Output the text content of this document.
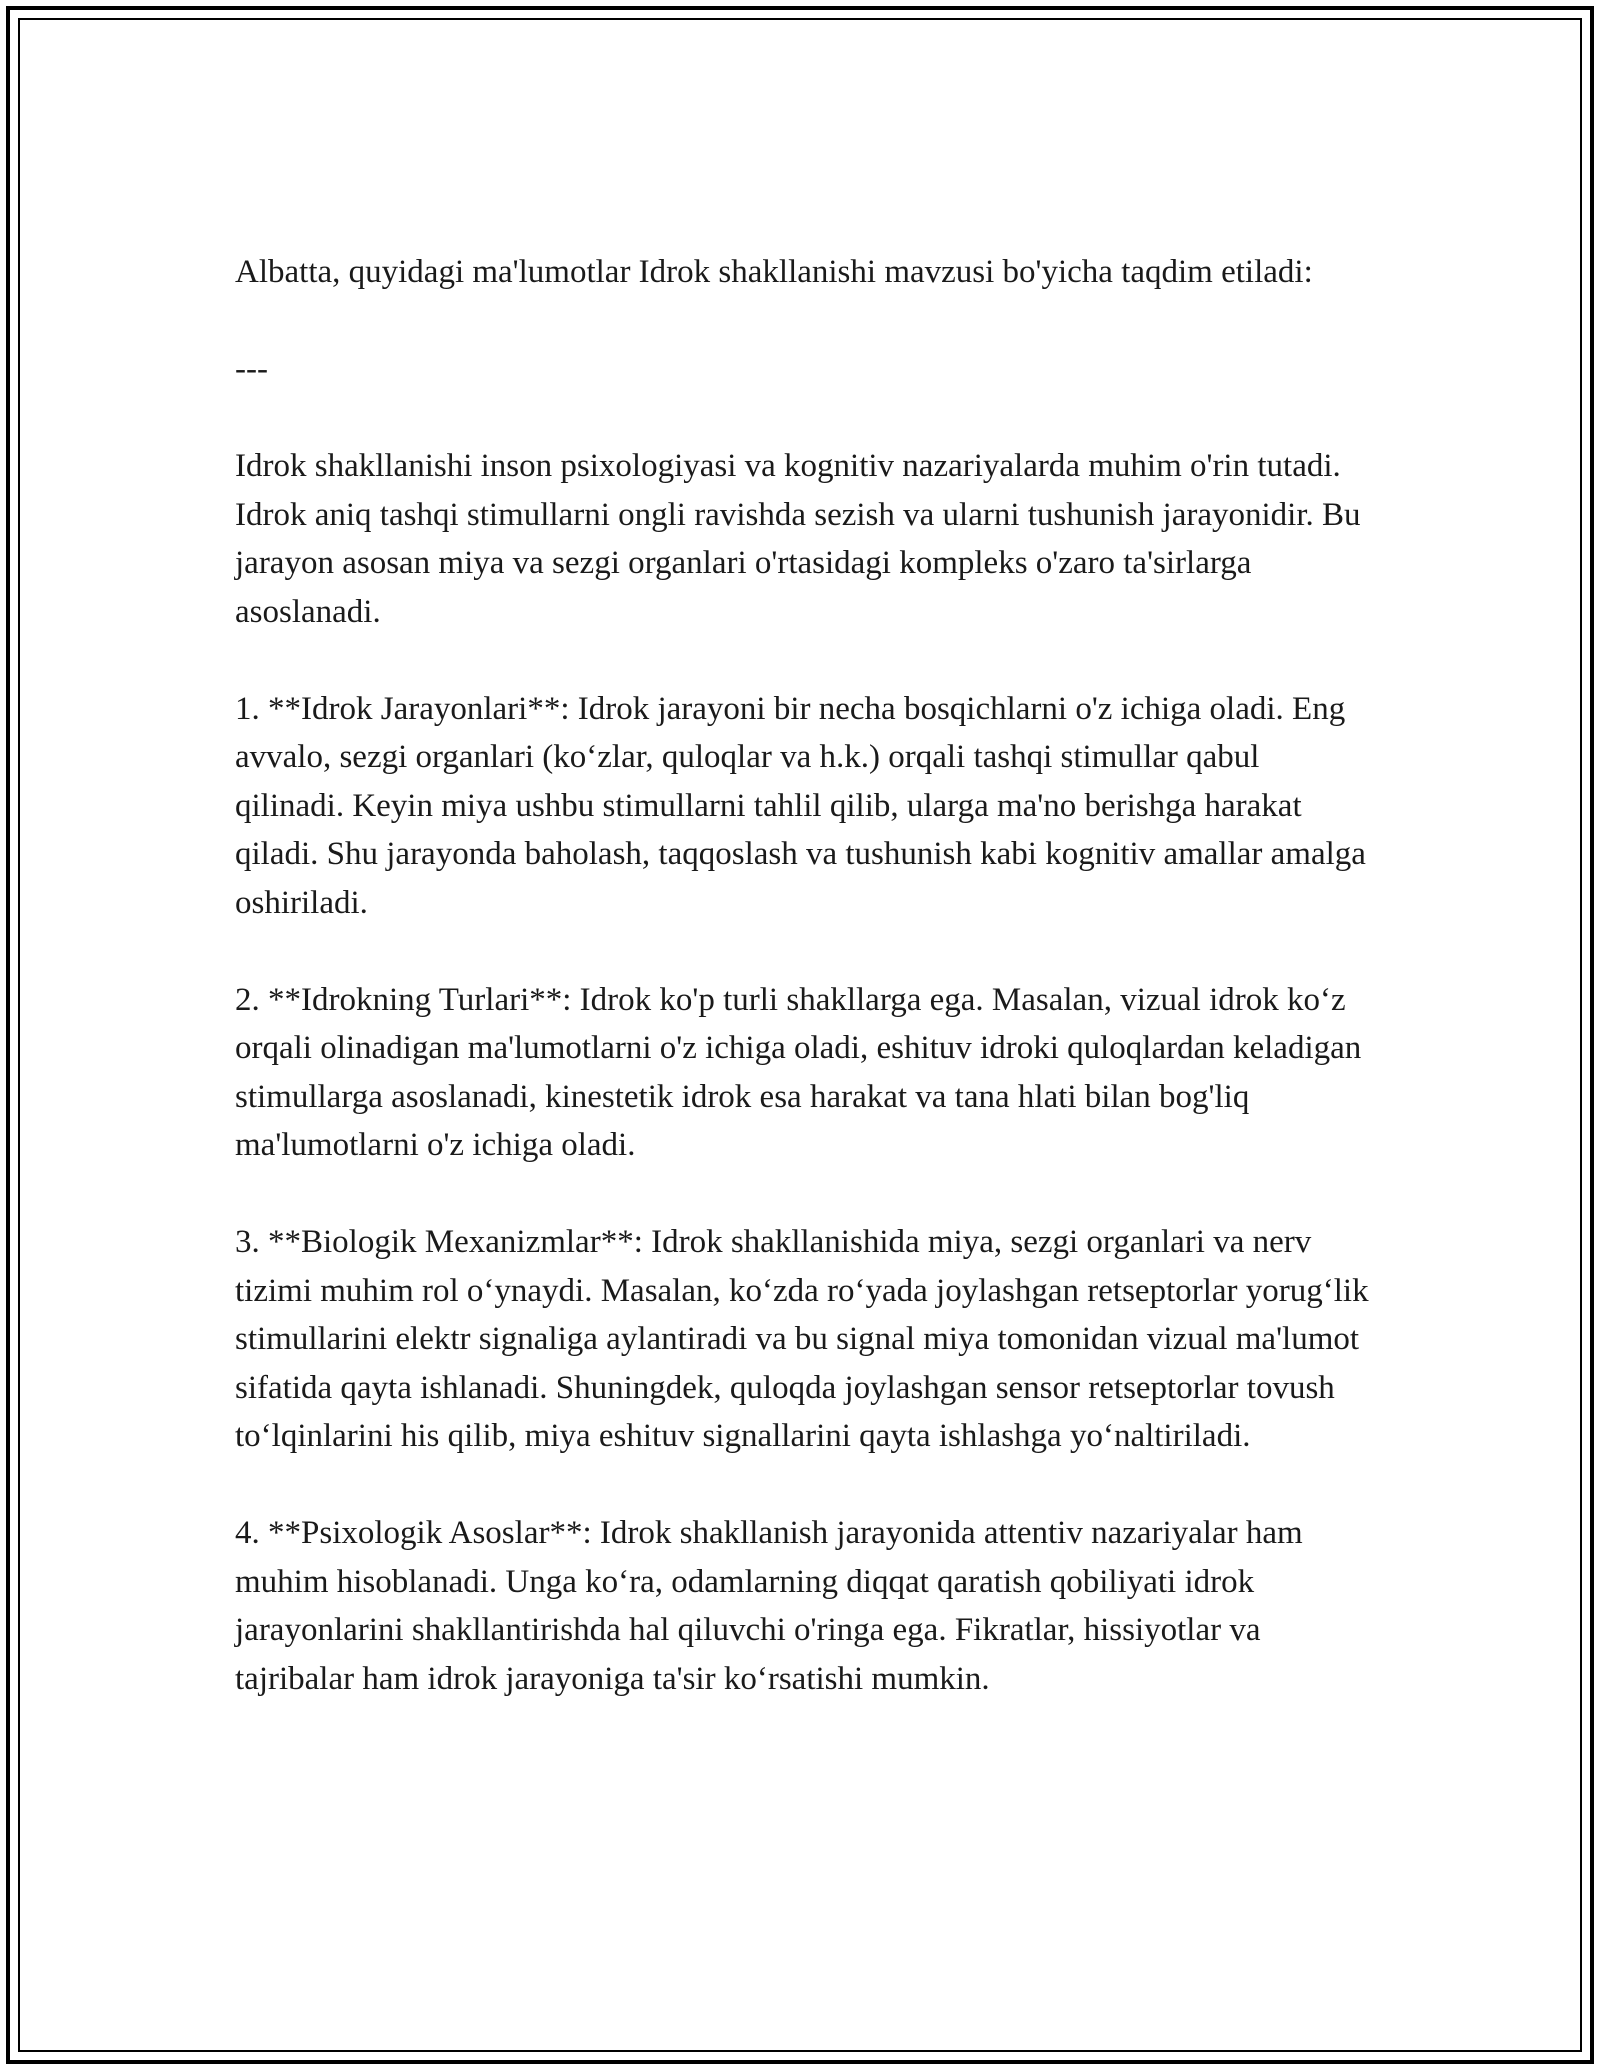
Albatta, quyidagi ma'lumotlar Idrok shakllanishi mavzusi bo'yicha taqdim etiladi:

---

Idrok shakllanishi inson psixologiyasi va kognitiv nazariyalarda muhim o'rin tutadi. Idrok aniq tashqi stimullarni ongli ravishda sezish va ularni tushunish jarayonidir. Bu jarayon asosan miya va sezgi organlari o'rtasidagi kompleks o'zaro ta'sirlarga asoslanadi.

1. **Idrok Jarayonlari**: Idrok jarayoni bir necha bosqichlarni o'z ichiga oladi. Eng avvalo, sezgi organlari (ko‘zlar, quloqlar va h.k.) orqali tashqi stimullar qabul qilinadi. Keyin miya ushbu stimullarni tahlil qilib, ularga ma'no berishga harakat qiladi. Shu jarayonda baholash, taqqoslash va tushunish kabi kognitiv amallar amalga oshiriladi.

2. **Idrokning Turlari**: Idrok ko'p turli shakllarga ega. Masalan, vizual idrok ko‘z orqali olinadigan ma'lumotlarni o'z ichiga oladi, eshituv idroki quloqlardan keladigan stimullarga asoslanadi, kinestetik idrok esa harakat va tana hlati bilan bog'liq ma'lumotlarni o'z ichiga oladi.

3. **Biologik Mexanizmlar**: Idrok shakllanishida miya, sezgi organlari va nerv tizimi muhim rol o‘ynaydi. Masalan, ko‘zda ro‘yada joylashgan retseptorlar yorug‘lik stimullarini elektr signaliga aylantiradi va bu signal miya tomonidan vizual ma'lumot sifatida qayta ishlanadi. Shuningdek, quloqda joylashgan sensor retseptorlar tovush to‘lqinlarini his qilib, miya eshituv signallarini qayta ishlashga yo‘naltiriladi.

4. **Psixologik Asoslar**: Idrok shakllanish jarayonida attentiv nazariyalar ham muhim hisoblanadi. Unga ko‘ra, odamlarning diqqat qaratish qobiliyati idrok jarayonlarini shakllantirishda hal qiluvchi o'ringa ega. Fikratlar, hissiyotlar va tajribalar ham idrok jarayoniga ta'sir ko‘rsatishi mumkin.
